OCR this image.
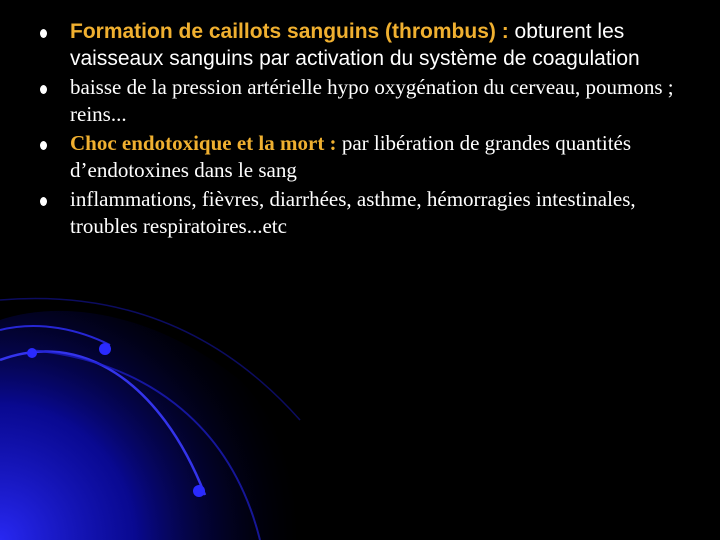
Formation de caillots sanguins (thrombus) : obturent les vaisseaux sanguins par activation du système de coagulation
baisse de la pression artérielle hypo oxygénation du cerveau, poumons ; reins...
Choc endotoxique et la mort : par libération de grandes quantités d’endotoxines dans le sang
inflammations, fièvres, diarrhées, asthme, hémorragies intestinales, troubles respiratoires...etc
